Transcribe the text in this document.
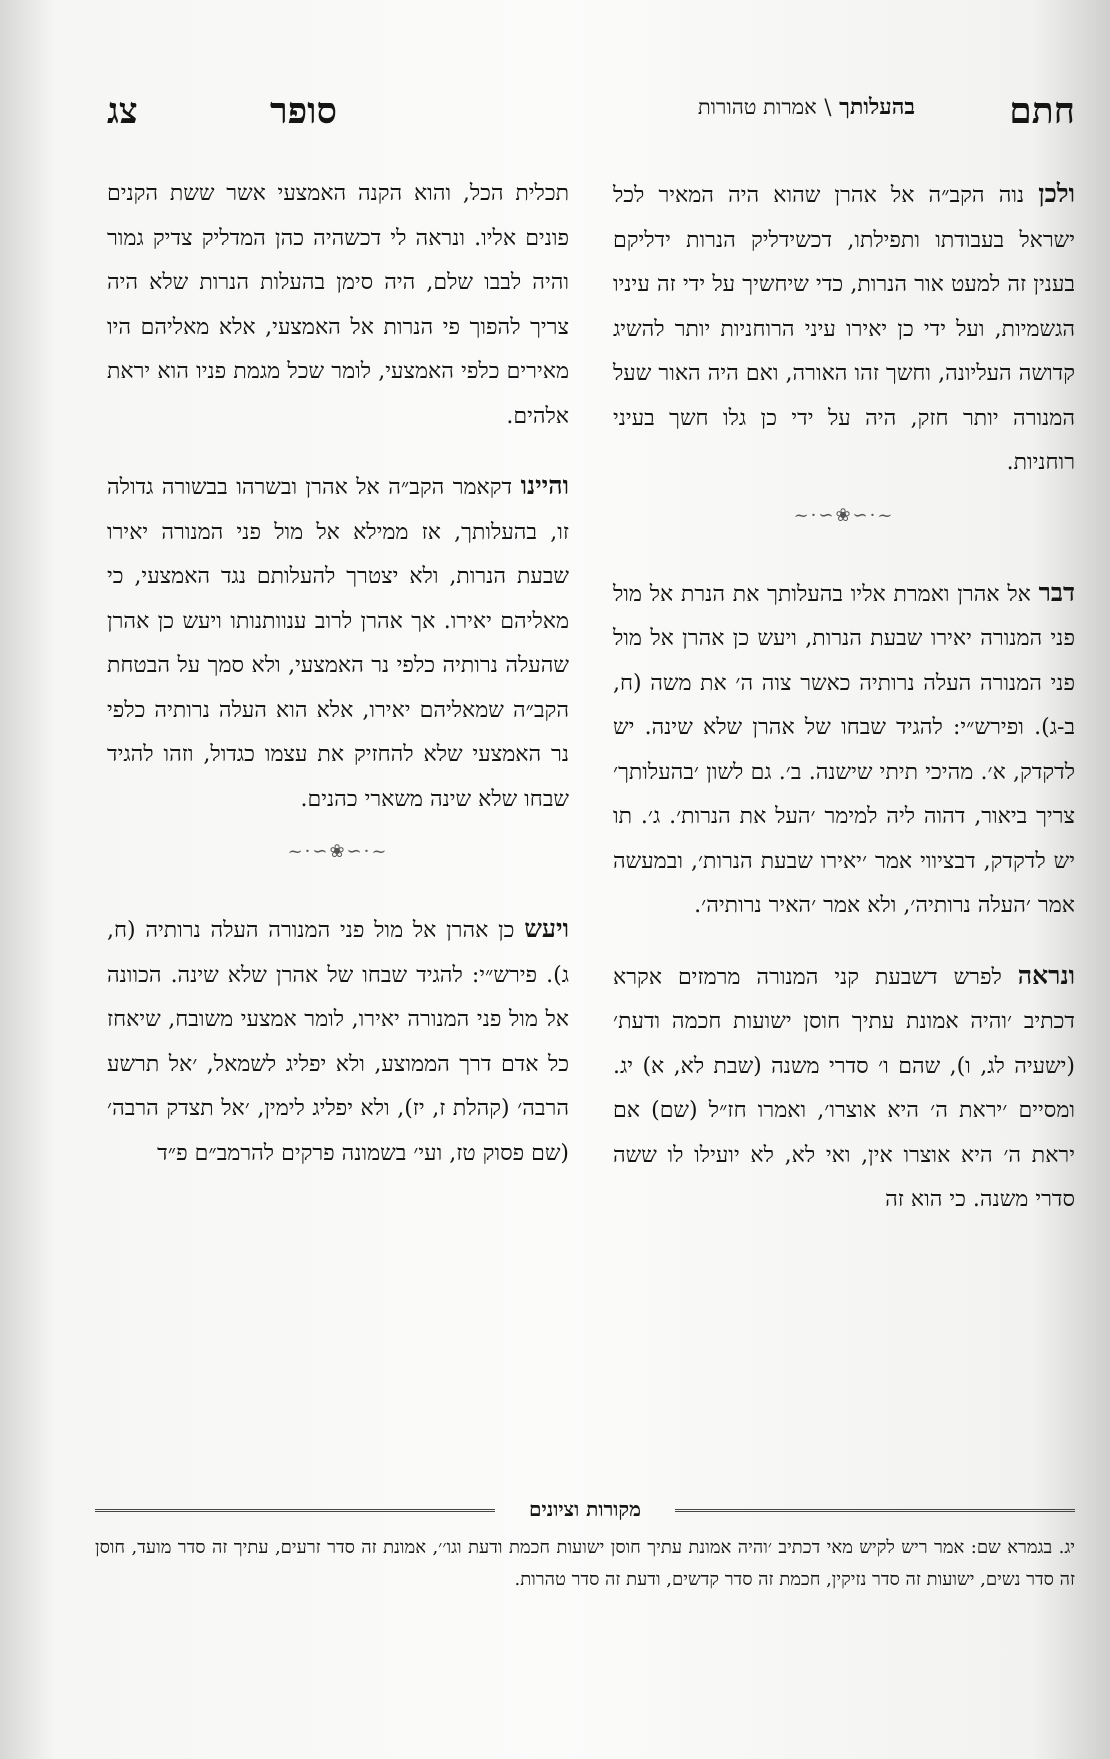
חתם
בהעלותך \ אמרות טהורות
סופר
צג

ולכן נוה הקב״ה אל אהרן שהוא היה המאיר לכל ישראל בעבודתו ותפילתו, דכשידליק הנרות ידליקם בענין זה למעט אור הנרות, כדי שיחשיך על ידי זה עיניו הגשמיות, ועל ידי כן יאירו עיני הרוחניות יותר להשיג קדושה העליונה, וחשך זהו האורה, ואם היה האור שעל המנורה יותר חזק, היה על ידי כן גלו חשך בעיני רוחניות.

~·∽❀∽·~

דבר אל אהרן ואמרת אליו בהעלותך את הנרת אל מול פני המנורה יאירו שבעת הנרות, ויעש כן אהרן אל מול פני המנורה העלה נרותיה כאשר צוה ה׳ את משה (ח, ב-ג). ופירש״י: להגיד שבחו של אהרן שלא שינה. יש לדקדק, א׳. מהיכי תיתי שישנה. ב׳. גם לשון ׳בהעלותך׳ צריך ביאור, דהוה ליה למימר ׳העל את הנרות׳. ג׳. תו יש לדקדק, דבציווי אמר ׳יאירו שבעת הנרות׳, ובמעשה אמר ׳העלה נרותיה׳, ולא אמר ׳האיר נרותיה׳.

ונראה לפרש דשבעת קני המנורה מרמזים אקרא דכתיב ׳והיה אמונת עתיך חוסן ישועות חכמה ודעת׳ (ישעיה לג, ו), שהם ו׳ סדרי משנה (שבת לא, א) יג. ומסיים ׳יראת ה׳ היא אוצרו׳, ואמרו חז״ל (שם) אם יראת ה׳ היא אוצרו אין, ואי לא, לא יועילו לו ששה סדרי משנה. כי הוא זה

תכלית הכל, והוא הקנה האמצעי אשר ששת הקנים פונים אליו. ונראה לי דכשהיה כהן המדליק צדיק גמור והיה לבבו שלם, היה סימן בהעלות הנרות שלא היה צריך להפוך פי הנרות אל האמצעי, אלא מאליהם היו מאירים כלפי האמצעי, לומר שכל מגמת פניו הוא יראת אלהים.

והיינו דקאמר הקב״ה אל אהרן ובשרהו בבשורה גדולה זו, בהעלותך, אז ממילא אל מול פני המנורה יאירו שבעת הנרות, ולא יצטרך להעלותם נגד האמצעי, כי מאליהם יאירו. אך אהרן לרוב ענוותנותו ויעש כן אהרן שהעלה נרותיה כלפי נר האמצעי, ולא סמך על הבטחת הקב״ה שמאליהם יאירו, אלא הוא העלה נרותיה כלפי נר האמצעי שלא להחזיק את עצמו כגדול, וזהו להגיד שבחו שלא שינה משארי כהנים.

~·∽❀∽·~

ויעש כן אהרן אל מול פני המנורה העלה נרותיה (ח, ג). פירש״י: להגיד שבחו של אהרן שלא שינה. הכוונה אל מול פני המנורה יאירו, לומר אמצעי משובח, שיאחז כל אדם דרך הממוצע, ולא יפליג לשמאל, ׳אל תרשע הרבה׳ (קהלת ז, יז), ולא יפליג לימין, ׳אל תצדק הרבה׳ (שם פסוק טז, ועי׳ בשמונה פרקים להרמב״ם פ״ד

מקורות וציונים
יג. בגמרא שם: אמר ריש לקיש מאי דכתיב ׳והיה אמונת עתיך חוסן ישועות חכמת ודעת וגו׳׳, אמונת זה סדר זרעים, עתיך זה סדר מועד, חוסן זה סדר נשים, ישועות זה סדר נזיקין, חכמת זה סדר קדשים, ודעת זה סדר טהרות.
